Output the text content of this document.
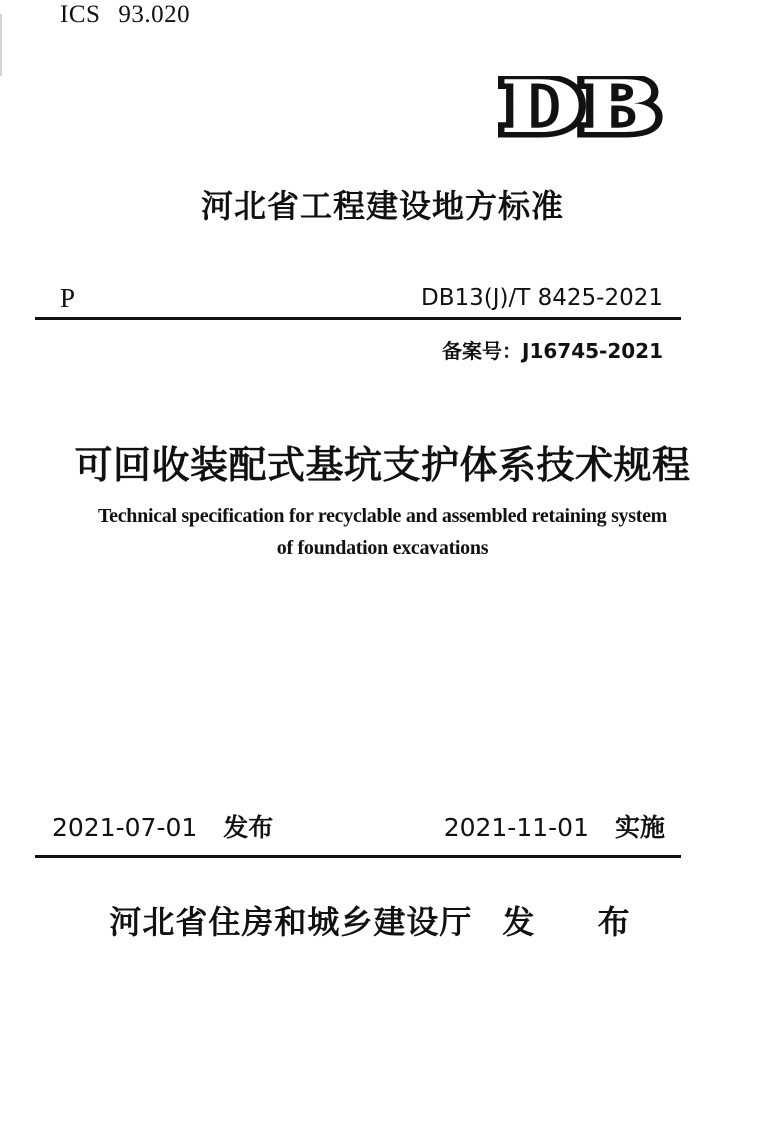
ICS 93.020
DB
河北省工程建设地方标准
P	DB13(J)/T 8425-2021
备案号：J16745-2021
可回收装配式基坑支护体系技术规程
Technical specification for recyclable and assembled retaining system
of foundation excavations
2021-07-01 发布	2021-11-01 实施
河北省住房和城乡建设厅 发 布
